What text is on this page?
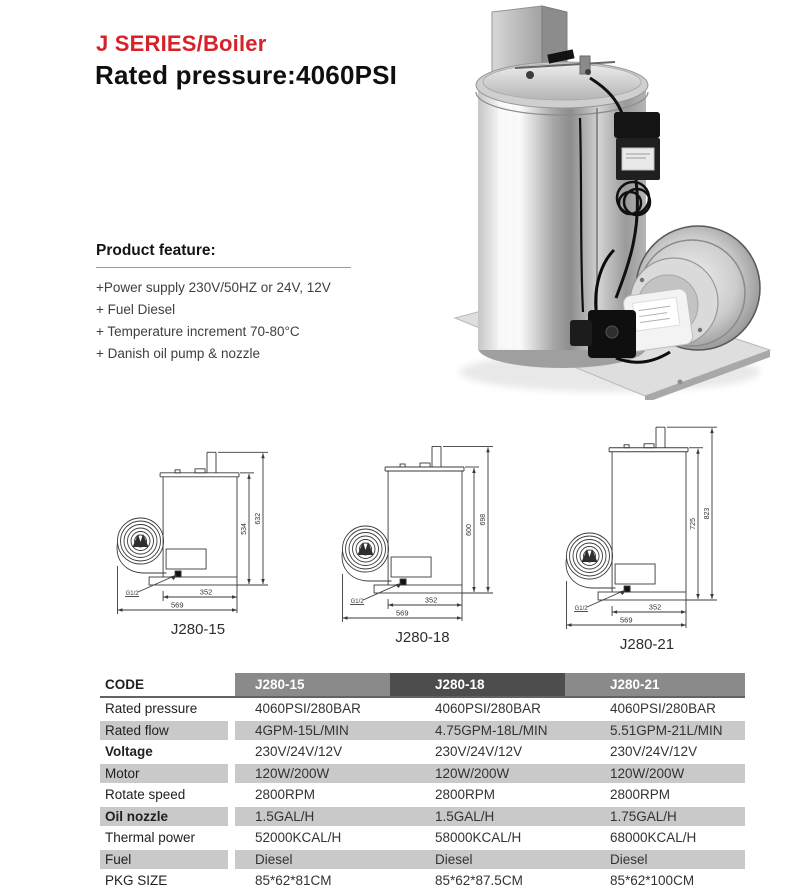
J SERIES/Boiler
Rated pressure:4060PSI
Product feature:
+Power supply 230V/50HZ or 24V, 12V
+ Fuel Diesel
+ Temperature increment 70-80°C
+ Danish oil pump & nozzle
534
632
352
569
G1/2
J280-15
600
698
352
569
G1/2
J280-18
725
823
352
569
G1/2
J280-21
CODE	J280-15	J280-18	J280-21
Rated pressure	4060PSI/280BAR	4060PSI/280BAR	4060PSI/280BAR
Rated flow	4GPM-15L/MIN	4.75GPM-18L/MIN	5.51GPM-21L/MIN
Voltage	230V/24V/12V	230V/24V/12V	230V/24V/12V
Motor	120W/200W	120W/200W	120W/200W
Rotate speed	2800RPM	2800RPM	2800RPM
Oil nozzle	1.5GAL/H	1.5GAL/H	1.75GAL/H
Thermal power	52000KCAL/H	58000KCAL/H	68000KCAL/H
Fuel	Diesel	Diesel	Diesel
PKG SIZE	85*62*81CM	85*62*87.5CM	85*62*100CM
